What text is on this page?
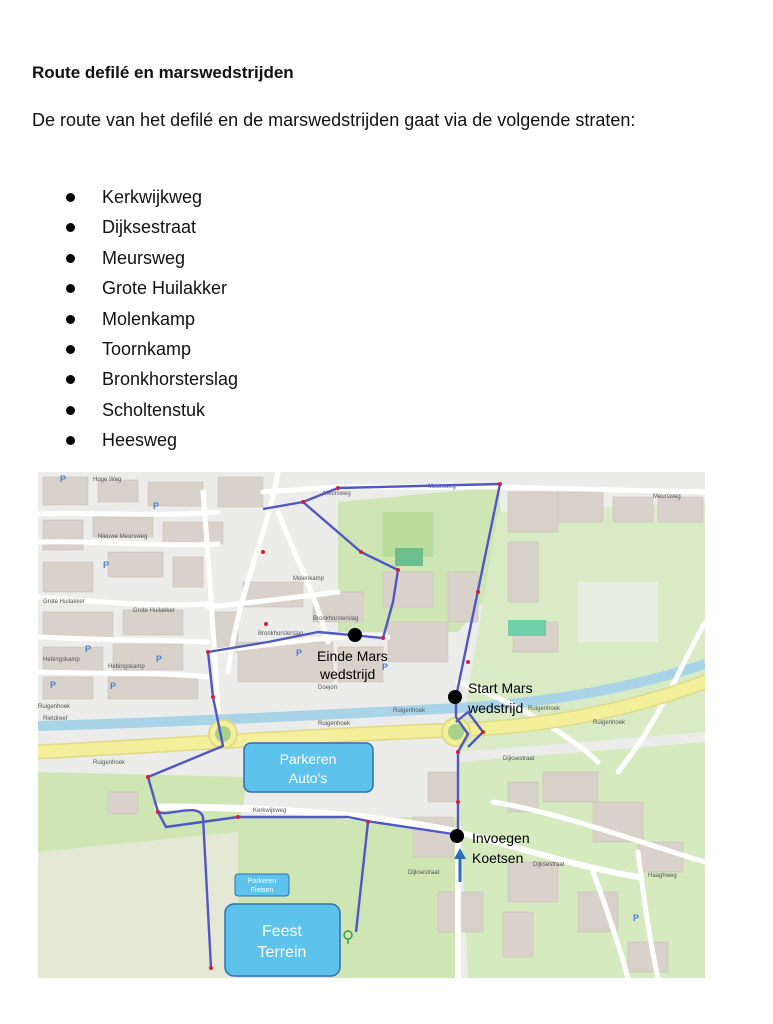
Route defilé en marswedstrijden

De route van het defilé en de marswedstrijden gaat via de volgende straten:

Kerkwijkweg
Dijksestraat
Meursweg
Grote Huilakker
Molenkamp
Toornkamp
Bronkhorsterslag
Scholtenstuk
Heesweg
Hoge Weg
Nieuwe Meursweg
Grote Huilakker
Grote Huilakker
Hebingskamp
Hebingskamp
Rietdreef
Ruigenhoek
Ruigenhoek
Ruigenhoek
Ruigenhoek
Ruigenhoek
Ruigenhoek
Meursweg
Meursweg
Meursweg
Kerkwijkweg
Dijksestraat
Dijksestraat
Dijksestraat	Haaghweg
Bronkhorsterslag
Bronkhorsterslag
Molenkamp
Doejon
P
P
P
P
P
P
P
P
P
P
Einde Mars
wedstrijd
Start Mars
wedstrijd
Invoegen
Koetsen
Parkeren
Auto's
Parkeren
Fietsen
Feest
Terrein
